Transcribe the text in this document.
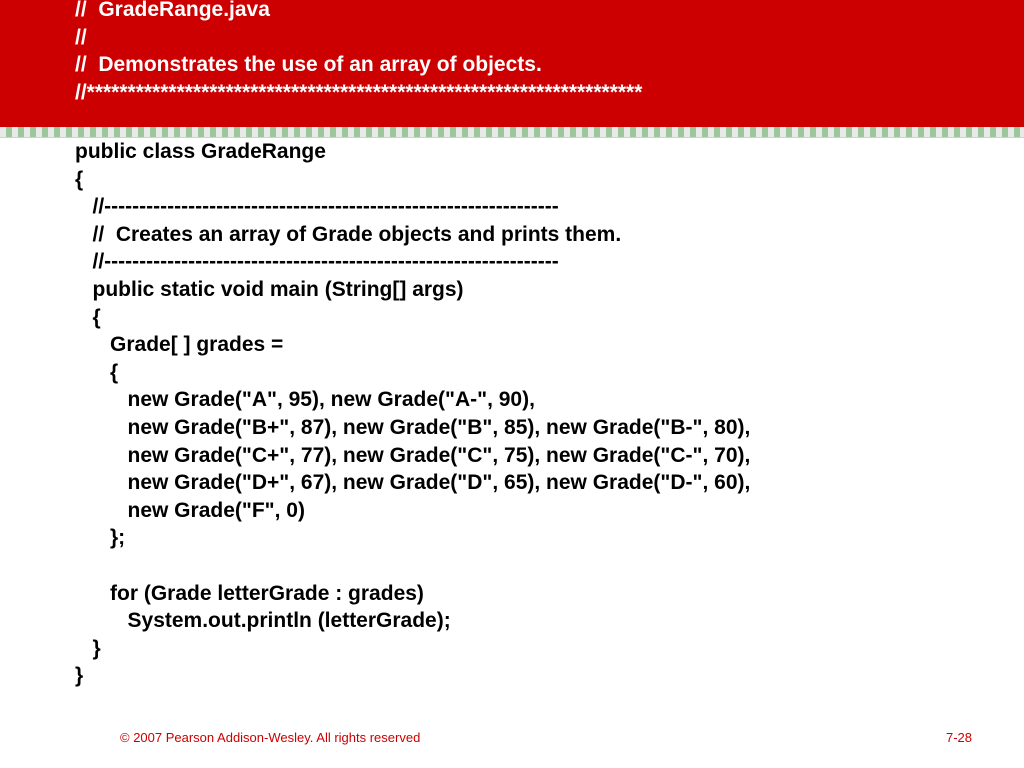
//  GradeRange.java
//
//  Demonstrates the use of an array of objects.
//********************************************************************
public class GradeRange
{
//-----------------------------------------------------------------
//  Creates an array of Grade objects and prints them.
//-----------------------------------------------------------------
public static void main (String[] args)
{
Grade[ ] grades =
{
new Grade("A", 95), new Grade("A-", 90),
new Grade("B+", 87), new Grade("B", 85), new Grade("B-", 80),
new Grade("C+", 77), new Grade("C", 75), new Grade("C-", 70),
new Grade("D+", 67), new Grade("D", 65), new Grade("D-", 60),
new Grade("F", 0)
};
for (Grade letterGrade : grades)
System.out.println (letterGrade);
}
}
© 2007 Pearson Addison-Wesley. All rights reserved	7-28
